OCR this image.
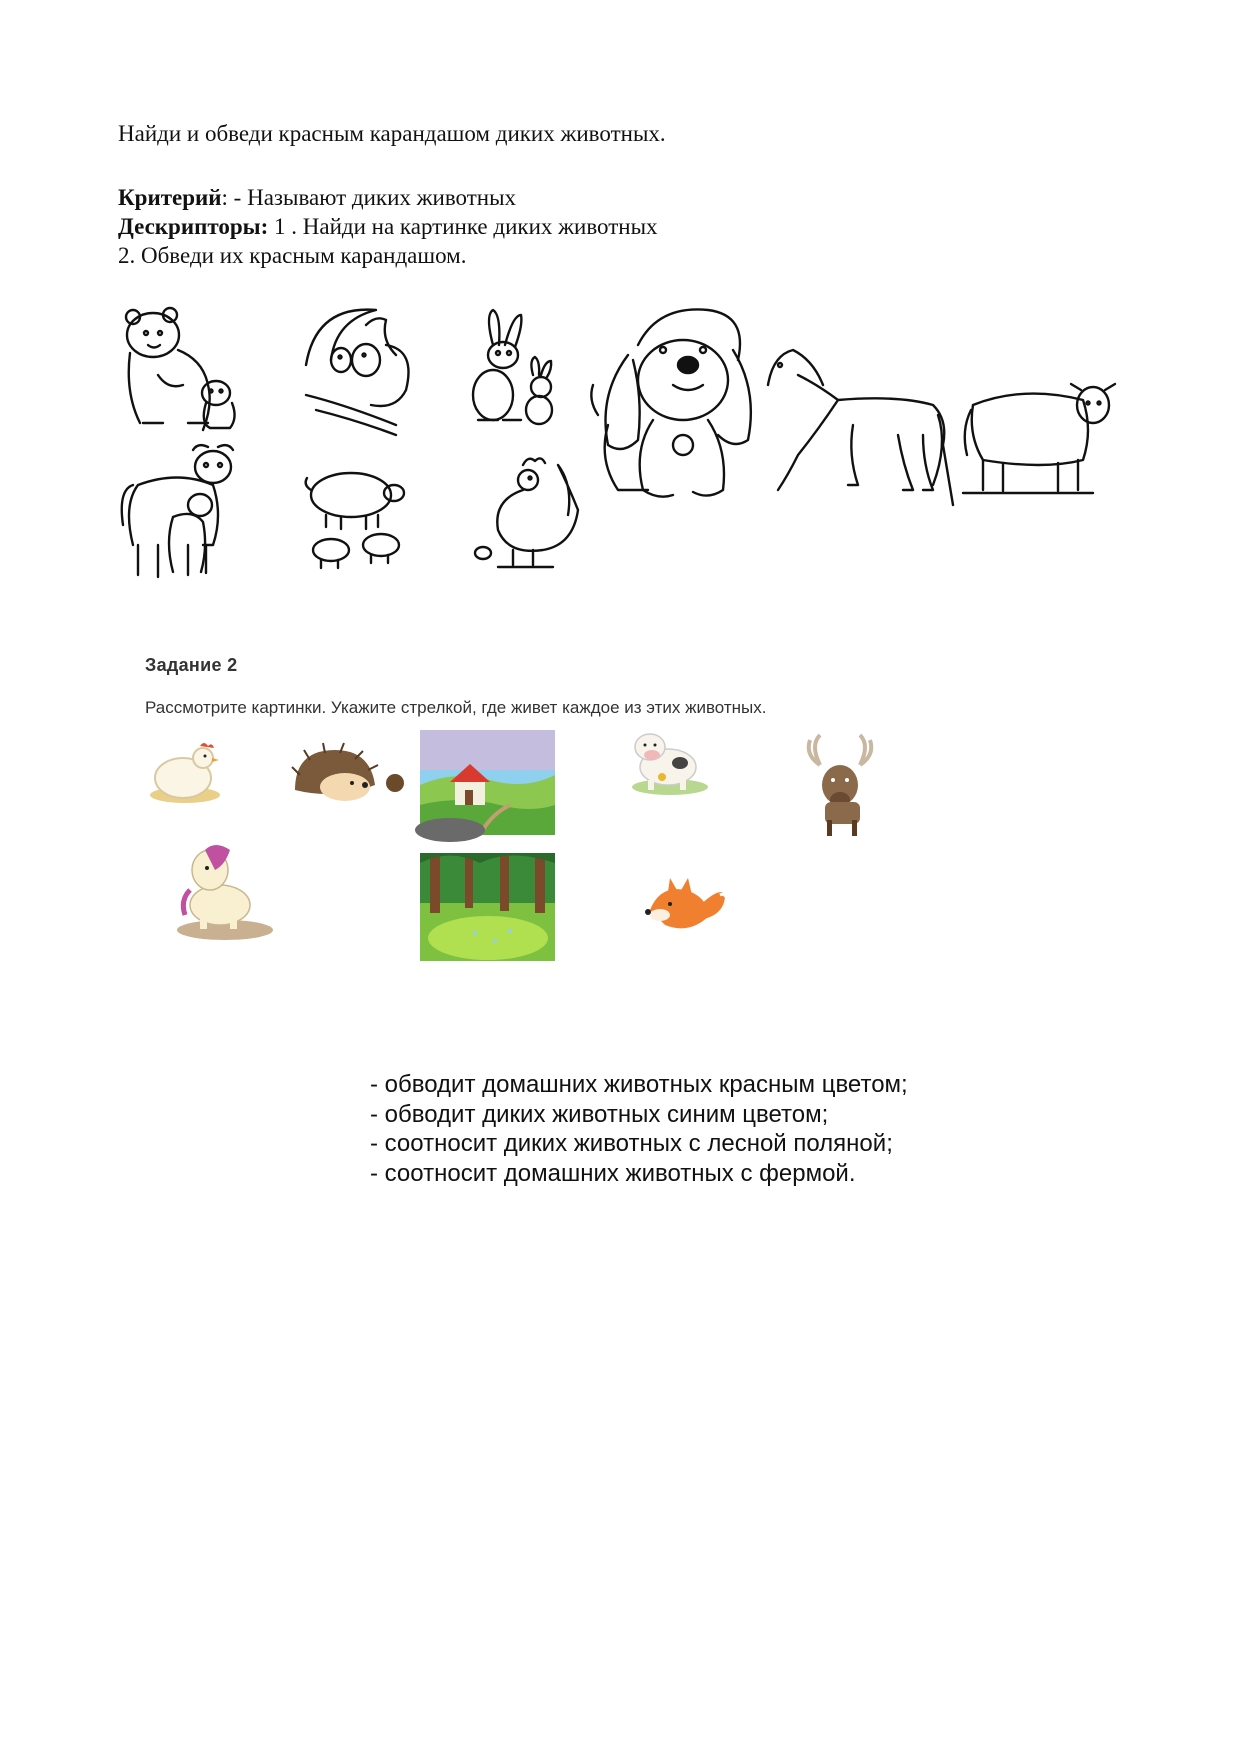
Найди и обведи красным карандашом диких животных.
Критерий: - Называют диких животных
Дескрипторы: 1 . Найди на картинке диких животных
2. Обведи их красным карандашом.
Задание 2
Рассмотрите картинки. Укажите стрелкой, где живет каждое из этих животных.
- обводит домашних животных красным цветом;
- обводит диких животных синим цветом;
- соотносит диких животных с лесной поляной;
- соотносит домашних животных с фермой.
